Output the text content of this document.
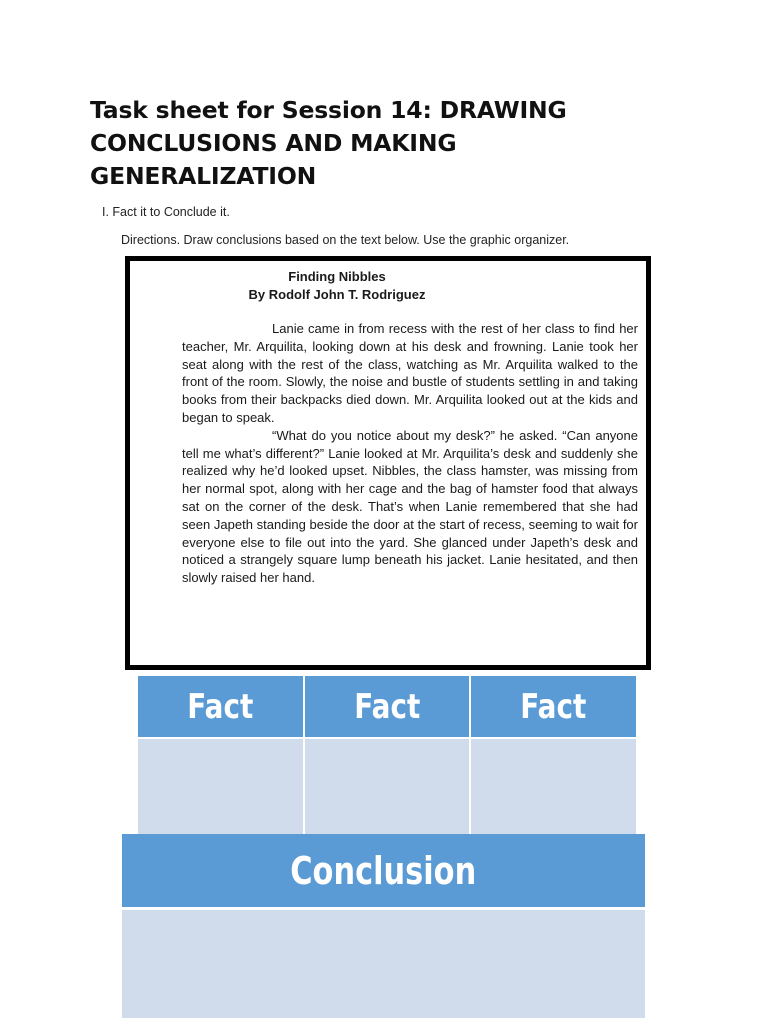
Task sheet for Session 14: DRAWING CONCLUSIONS AND MAKING GENERALIZATION
I. Fact it to Conclude it.
Directions. Draw conclusions based on the text below. Use the graphic organizer.
Finding Nibbles
By Rodolf John T. Rodriguez

Lanie came in from recess with the rest of her class to find her teacher, Mr. Arquilita, looking down at his desk and frowning. Lanie took her seat along with the rest of the class, watching as Mr. Arquilita walked to the front of the room. Slowly, the noise and bustle of students settling in and taking books from their backpacks died down. Mr. Arquilita looked out at the kids and began to speak.

“What do you notice about my desk?” he asked. “Can anyone tell me what’s different?” Lanie looked at Mr. Arquilita’s desk and suddenly she realized why he’d looked upset. Nibbles, the class hamster, was missing from her normal spot, along with her cage and the bag of hamster food that always sat on the corner of the desk. That’s when Lanie remembered that she had seen Japeth standing beside the door at the start of recess, seeming to wait for everyone else to file out into the yard. She glanced under Japeth’s desk and noticed a strangely square lump beneath his jacket. Lanie hesitated, and then slowly raised her hand.

Fact	Fact	Fact
Conclusion
